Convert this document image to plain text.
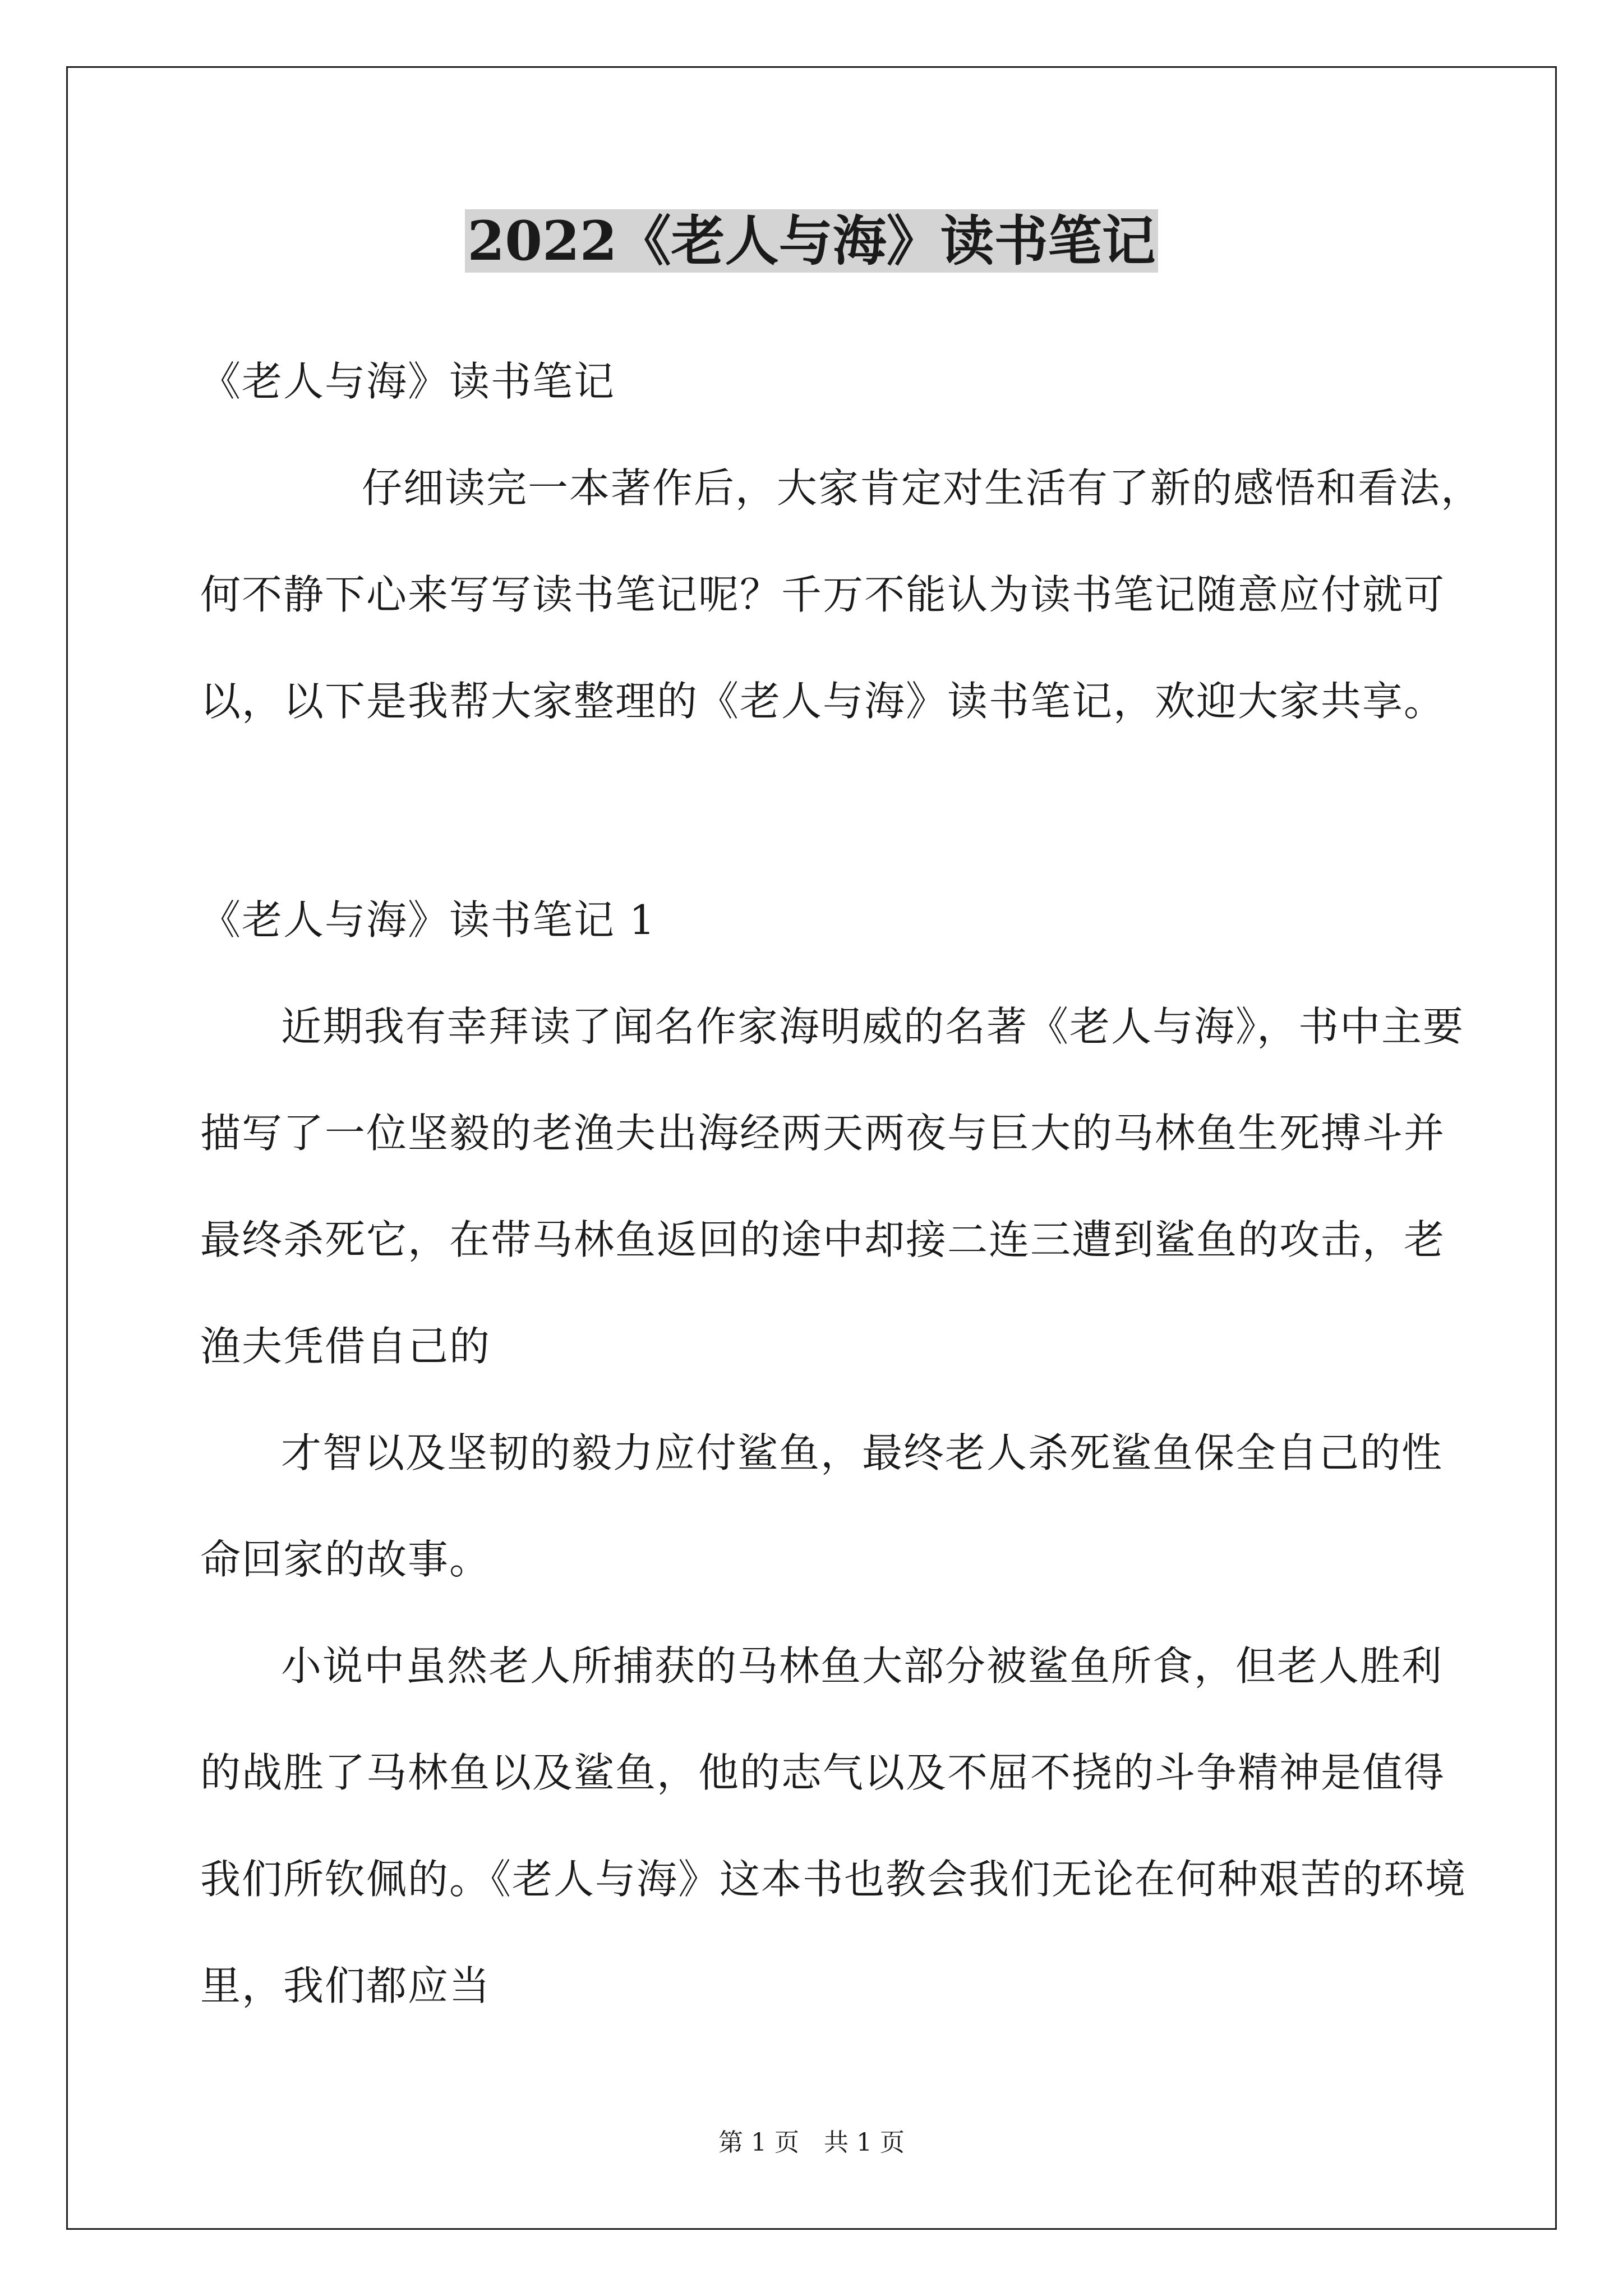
2022《老人与海》读书笔记
《老人与海》读书笔记
仔细读完一本著作后，大家肯定对生活有了新的感悟和看法，
何不静下心来写写读书笔记呢？千万不能认为读书笔记随意应付就可
以，以下是我帮大家整理的《老人与海》读书笔记，欢迎大家共享。
《老人与海》读书笔记 1
近期我有幸拜读了闻名作家海明威的名著《老人与海》，书中主要
描写了一位坚毅的老渔夫出海经两天两夜与巨大的马林鱼生死搏斗并
最终杀死它，在带马林鱼返回的途中却接二连三遭到鲨鱼的攻击，老
渔夫凭借自己的
才智以及坚韧的毅力应付鲨鱼，最终老人杀死鲨鱼保全自己的性
命回家的故事。
小说中虽然老人所捕获的马林鱼大部分被鲨鱼所食，但老人胜利
的战胜了马林鱼以及鲨鱼，他的志气以及不屈不挠的斗争精神是值得
我们所钦佩的。《老人与海》这本书也教会我们无论在何种艰苦的环境
里，我们都应当
第 1 页　共 1 页
